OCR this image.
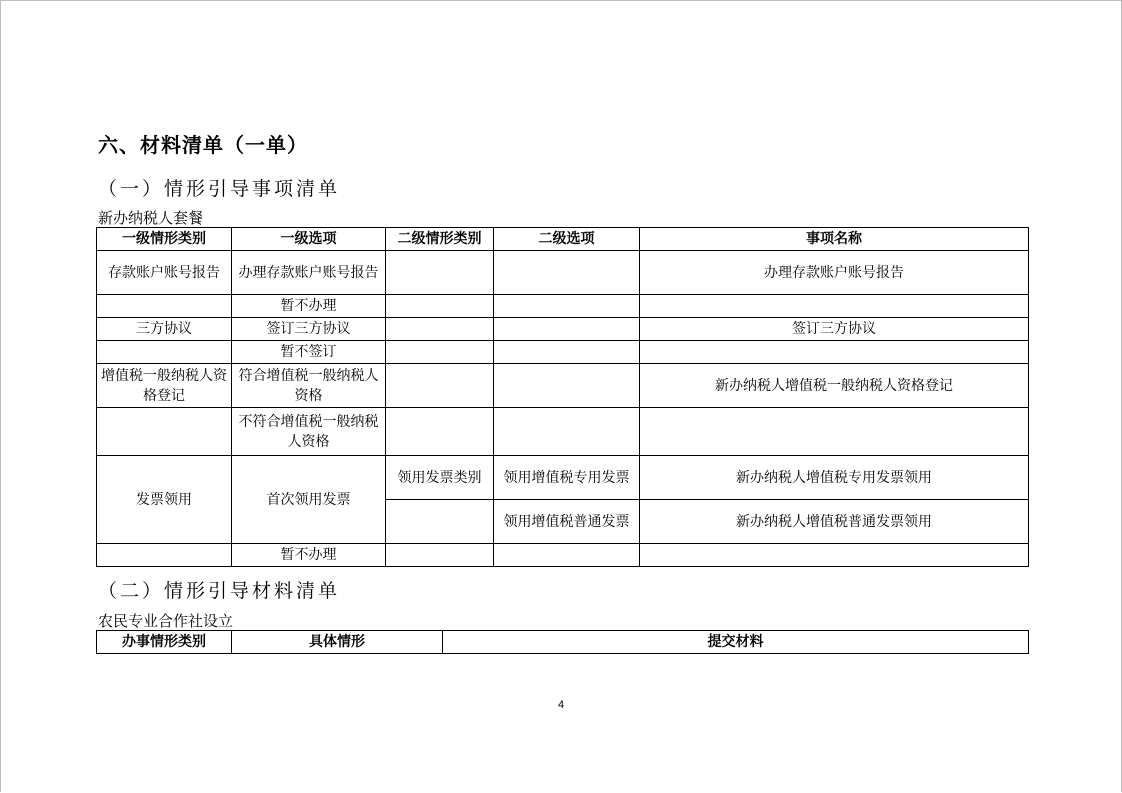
六、材料清单（一单）
（一）情形引导事项清单
新办纳税人套餐
一级情形类别	一级选项	二级情形类别	二级选项	事项名称
存款账户账号报告	办理存款账户账号报告			办理存款账户账号报告
	暂不办理			
三方协议	签订三方协议			签订三方协议
	暂不签订			
增值税一般纳税人资格登记	符合增值税一般纳税人资格			新办纳税人增值税一般纳税人资格登记
	不符合增值税一般纳税人资格			
发票领用	首次领用发票	领用发票类别	领用增值税专用发票	新办纳税人增值税专用发票领用
			领用增值税普通发票	新办纳税人增值税普通发票领用
	暂不办理			
（二）情形引导材料清单
农民专业合作社设立
办事情形类别	具体情形	提交材料
4
